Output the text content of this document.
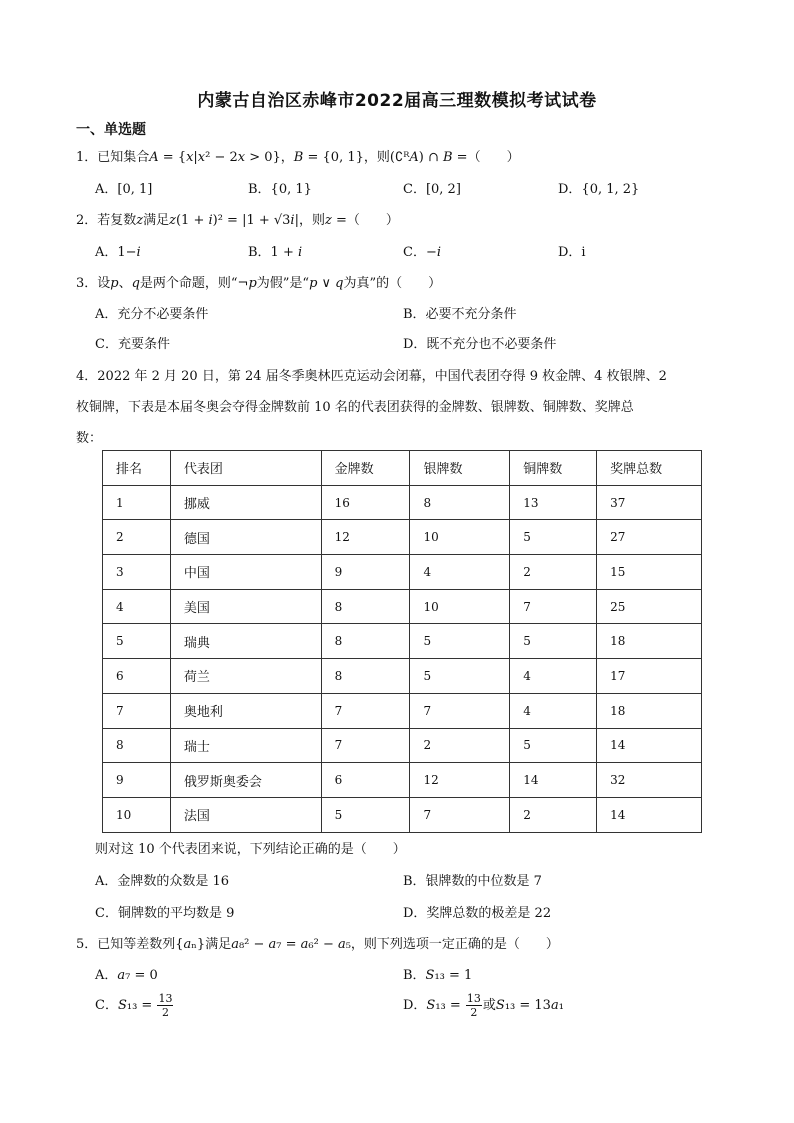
内蒙古自治区赤峰市2022届高三理数模拟考试试卷
一、单选题
1．已知集合𝐴 = {𝑥|𝑥² − 2𝑥 > 0}，𝐵 = {0, 1}，则(∁ᴿ𝐴) ∩ 𝐵 =（　　）
A．[0, 1]	B．{0, 1}	C．[0, 2]	D．{0, 1, 2}
2．若复数𝑧满足𝑧(1 + 𝑖)² = |1 + √3𝑖|，则𝑧 =（　　）
A．1−𝑖	B．1 + 𝑖	C．−𝑖	D．i
3．设𝑝、𝑞是两个命题，则“¬𝑝为假”是“𝑝 ∨ 𝑞为真”的（　　）
A．充分不必要条件	B．必要不充分条件
C．充要条件	D．既不充分也不必要条件
4．2022 年 2 月 20 日，第 24 届冬季奥林匹克运动会闭幕，中国代表团夺得 9 枚金牌、4 枚银牌、2
枚铜牌，下表是本届冬奥会夺得金牌数前 10 名的代表团获得的金牌数、银牌数、铜牌数、奖牌总
数：
排名	代表团	金牌数	银牌数	铜牌数	奖牌总数
1	挪威	16	8	13	37
2	德国	12	10	5	27
3	中国	9	4	2	15
4	美国	8	10	7	25
5	瑞典	8	5	5	18
6	荷兰	8	5	4	17
7	奥地利	7	7	4	18
8	瑞士	7	2	5	14
9	俄罗斯奥委会	6	12	14	32
10	法国	5	7	2	14
则对这 10 个代表团来说，下列结论正确的是（　　）
A．金牌数的众数是 16	B．银牌数的中位数是 7
C．铜牌数的平均数是 9	D．奖牌总数的极差是 22
5．已知等差数列{𝑎ₙ}满足𝑎₈² − 𝑎₇ = 𝑎₆² − 𝑎₅，则下列选项一定正确的是（　　）
A．𝑎₇ = 0	B．𝑆₁₃ = 1
C．𝑆₁₃ = $\frac{13}{2}$	D．𝑆₁₃ = $\frac{13}{2}$ 或𝑆₁₃ = 13𝑎₁
